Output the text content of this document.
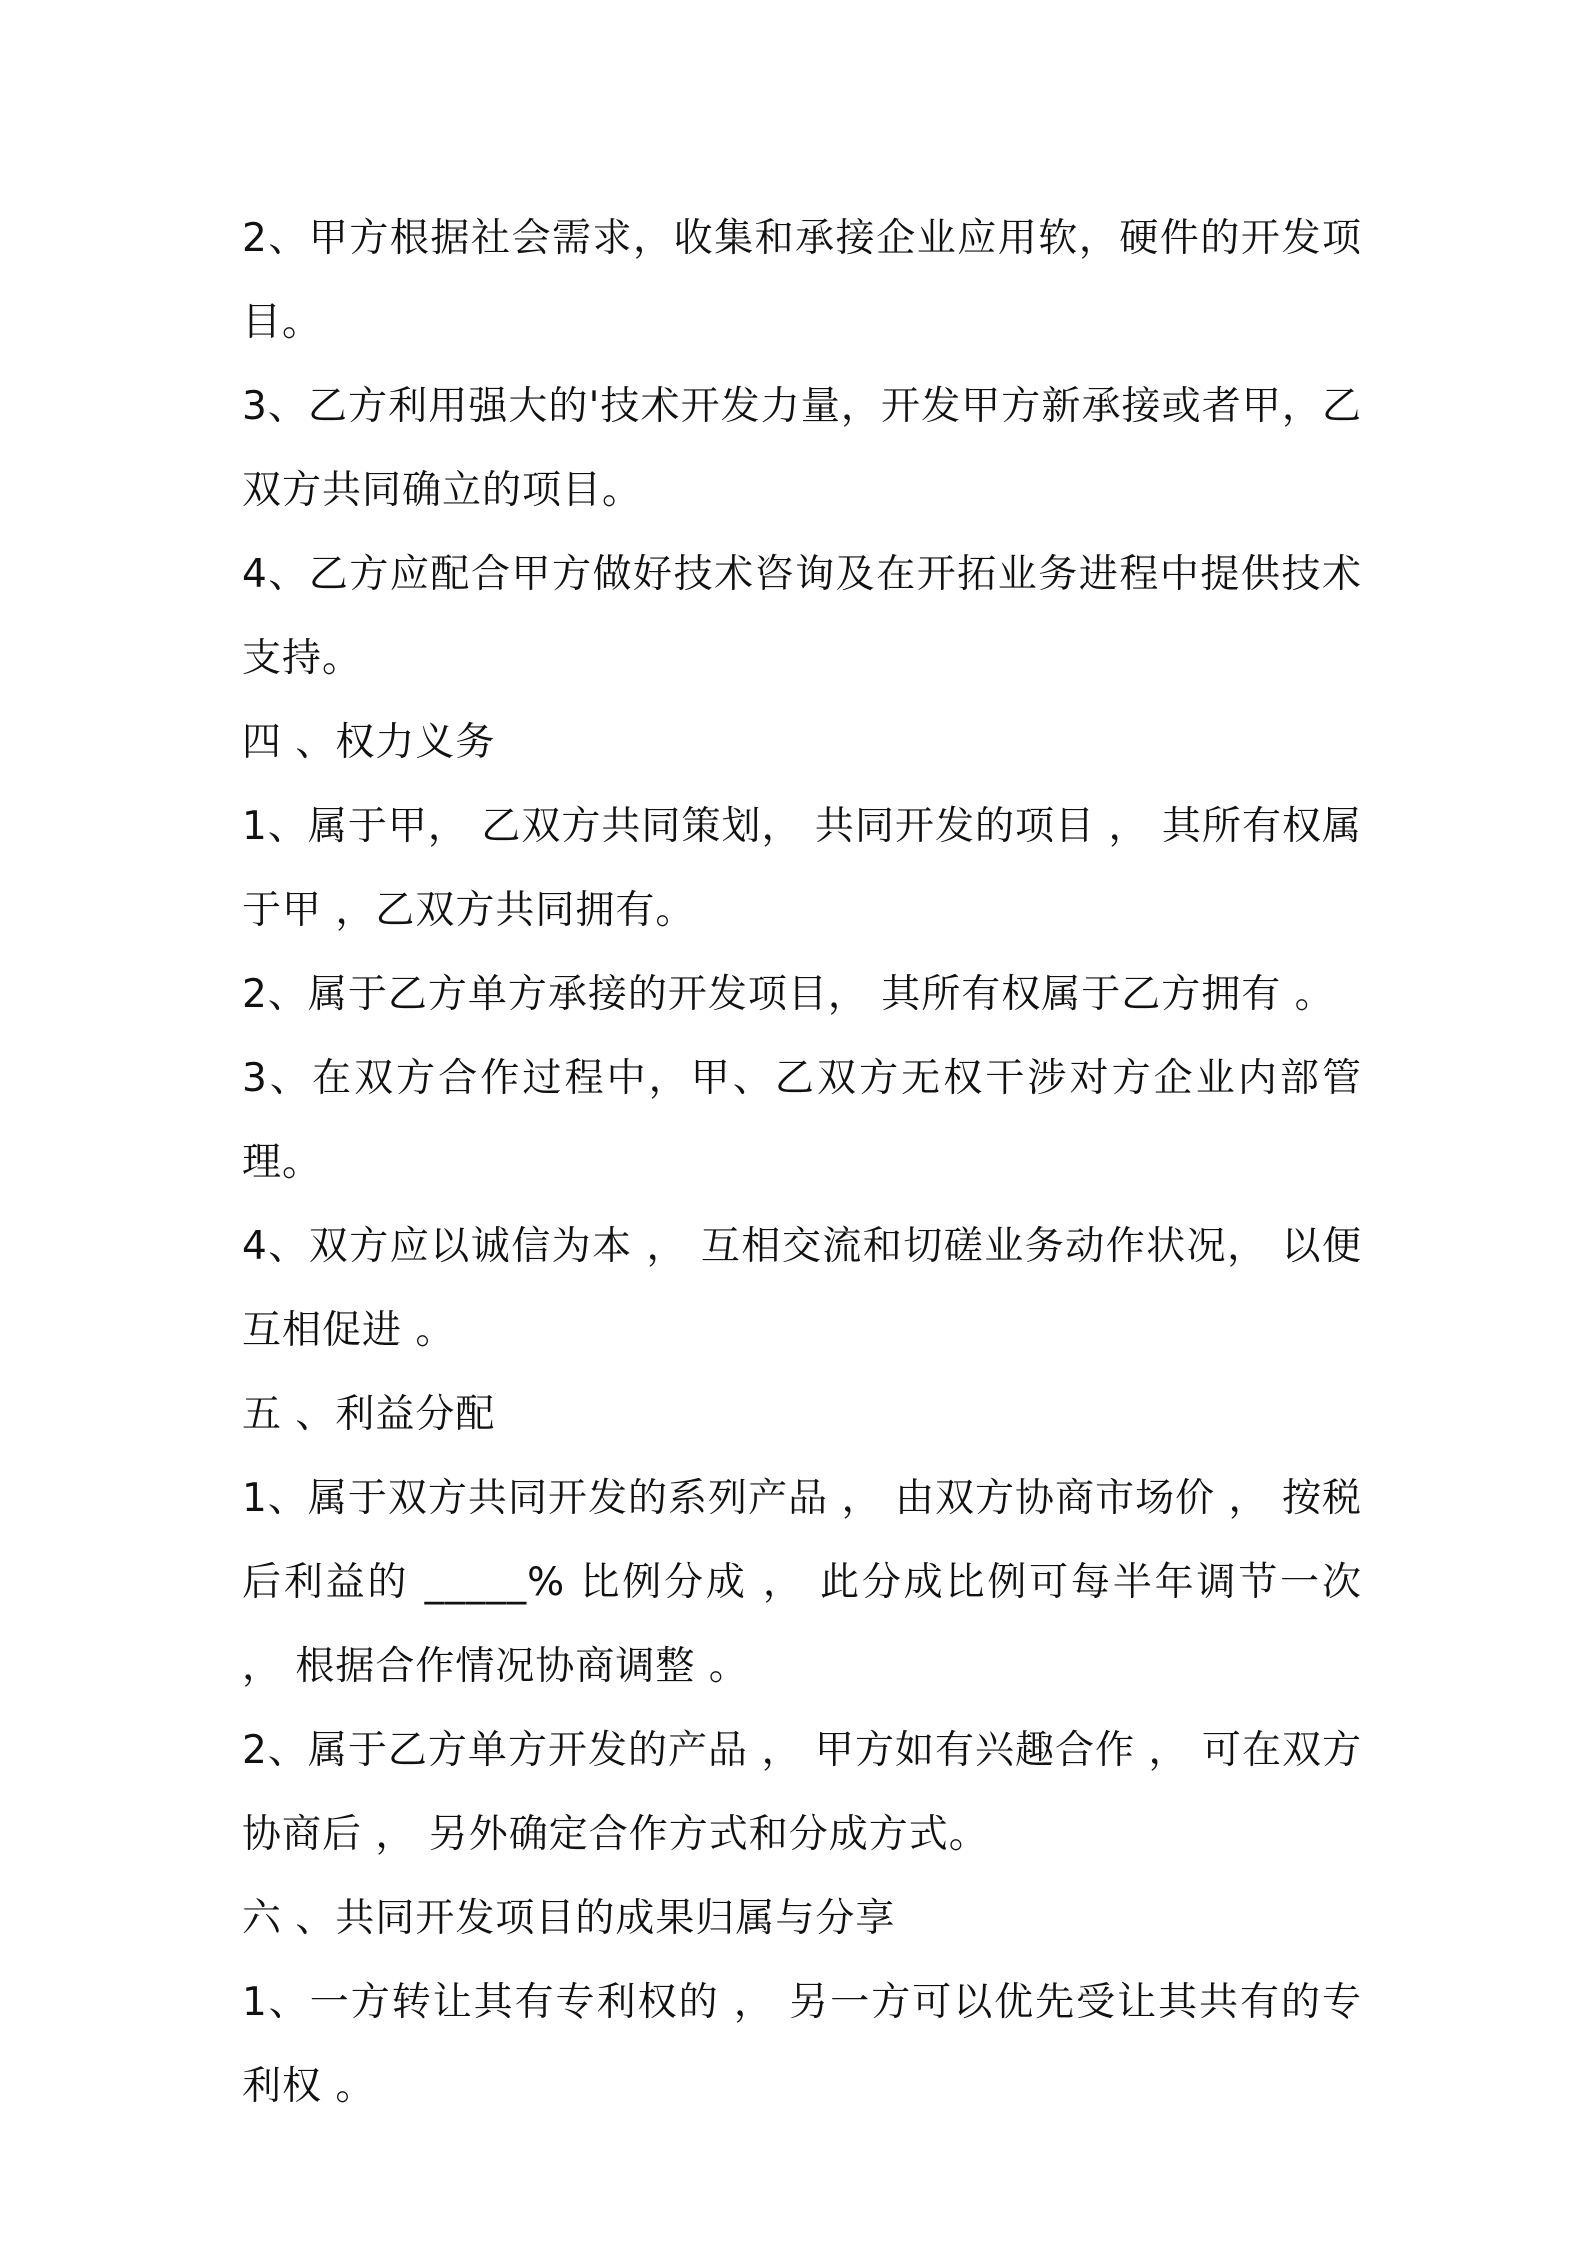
2、甲方根据社会需求，收集和承接企业应用软，硬件的开发项目。

3、乙方利用强大的'技术开发力量，开发甲方新承接或者甲，乙双方共同确立的项目。

4、乙方应配合甲方做好技术咨询及在开拓业务进程中提供技术支持。

四 、权力义务

1、属于甲， 乙双方共同策划， 共同开发的项目 ， 其所有权属于甲 ，乙双方共同拥有。

2、属于乙方单方承接的开发项目， 其所有权属于乙方拥有 。

3、在双方合作过程中，甲、乙双方无权干涉对方企业内部管理。

4、双方应以诚信为本 ， 互相交流和切磋业务动作状况， 以便互相促进 。

五 、利益分配

1、属于双方共同开发的系列产品 ， 由双方协商市场价 ， 按税后利益的 _____% 比例分成 ， 此分成比例可每半年调节一次 ， 根据合作情况协商调整 。

2、属于乙方单方开发的产品 ， 甲方如有兴趣合作 ， 可在双方协商后 ， 另外确定合作方式和分成方式。

六 、共同开发项目的成果归属与分享

1、一方转让其有专利权的 ， 另一方可以优先受让其共有的专利权 。
